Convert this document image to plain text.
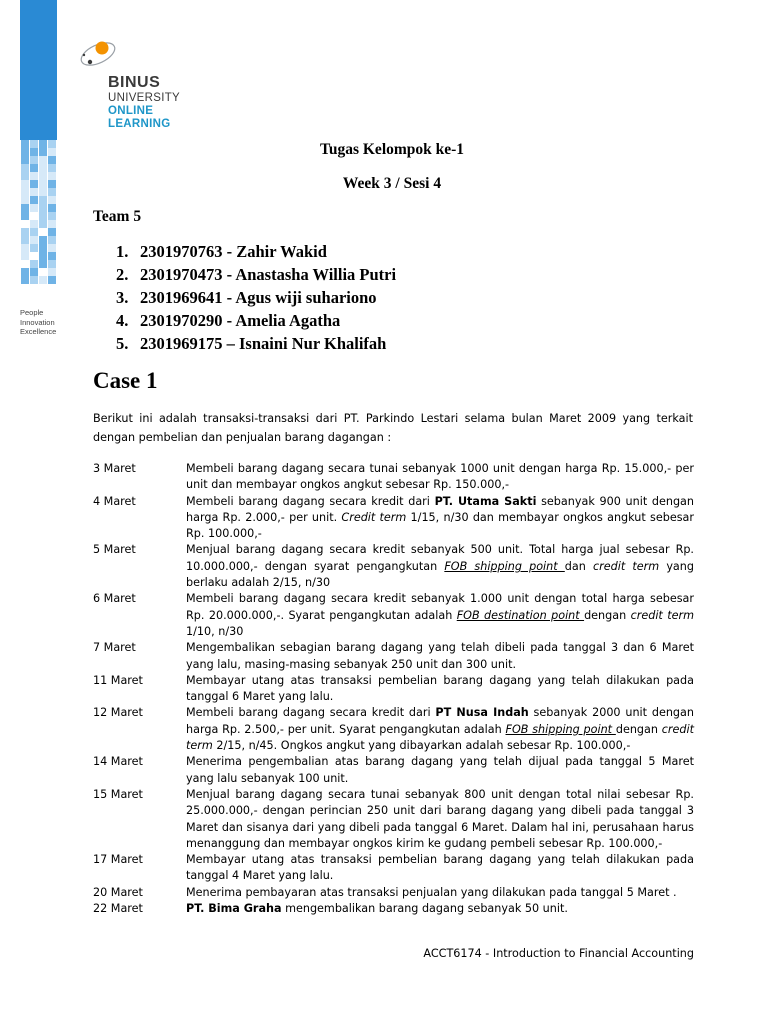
BINUS
UNIVERSITY
ONLINE
LEARNING
People
Innovation
Excellence
Tugas Kelompok ke-1
Week 3 / Sesi 4
Team 5
1. 2301970763 - Zahir Wakid
2. 2301970473 - Anastasha Willia Putri
3. 2301969641 - Agus wiji suhariono
4. 2301970290 - Amelia Agatha
5. 2301969175 – Isnaini Nur Khalifah
Case 1
Berikut ini adalah transaksi-transaksi dari PT. Parkindo Lestari selama bulan Maret 2009 yang terkait dengan pembelian dan penjualan barang dagangan :
3 Maret	Membeli barang dagang secara tunai sebanyak 1000 unit dengan harga Rp. 15.000,- per unit dan membayar ongkos angkut sebesar Rp. 150.000,-
4 Maret	Membeli barang dagang secara kredit dari PT. Utama Sakti sebanyak 900 unit dengan harga Rp. 2.000,- per unit. Credit term 1/15, n/30 dan membayar ongkos angkut sebesar Rp. 100.000,-
5 Maret	Menjual barang dagang secara kredit sebanyak 500 unit. Total harga jual sebesar Rp. 10.000.000,- dengan syarat pengangkutan FOB shipping point dan credit term yang berlaku adalah 2/15, n/30
6 Maret	Membeli barang dagang secara kredit sebanyak 1.000 unit dengan total harga sebesar Rp. 20.000.000,-. Syarat pengangkutan adalah FOB destination point dengan credit term 1/10, n/30
7 Maret	Mengembalikan sebagian barang dagang yang telah dibeli pada tanggal 3 dan 6 Maret yang lalu, masing-masing sebanyak 250 unit dan 300 unit.
11 Maret	Membayar utang atas transaksi pembelian barang dagang yang telah dilakukan pada tanggal 6 Maret yang lalu.
12 Maret	Membeli barang dagang secara kredit dari PT Nusa Indah sebanyak 2000 unit dengan harga Rp. 2.500,- per unit. Syarat pengangkutan adalah FOB shipping point dengan credit term 2/15, n/45. Ongkos angkut yang dibayarkan adalah sebesar Rp. 100.000,-
14 Maret	Menerima pengembalian atas barang dagang yang telah dijual pada tanggal 5 Maret yang lalu sebanyak 100 unit.
15 Maret	Menjual barang dagang secara tunai sebanyak 800 unit dengan total nilai sebesar Rp. 25.000.000,- dengan perincian 250 unit dari barang dagang yang dibeli pada tanggal 3 Maret dan sisanya dari yang dibeli pada tanggal 6 Maret. Dalam hal ini, perusahaan harus menanggung dan membayar ongkos kirim ke gudang pembeli sebesar Rp. 100.000,-
17 Maret	Membayar utang atas transaksi pembelian barang dagang yang telah dilakukan pada tanggal 4 Maret yang lalu.
20 Maret	Menerima pembayaran atas transaksi penjualan yang dilakukan pada tanggal 5 Maret .
22 Maret	PT. Bima Graha mengembalikan barang dagang sebanyak 50 unit.
ACCT6174 - Introduction to Financial Accounting
